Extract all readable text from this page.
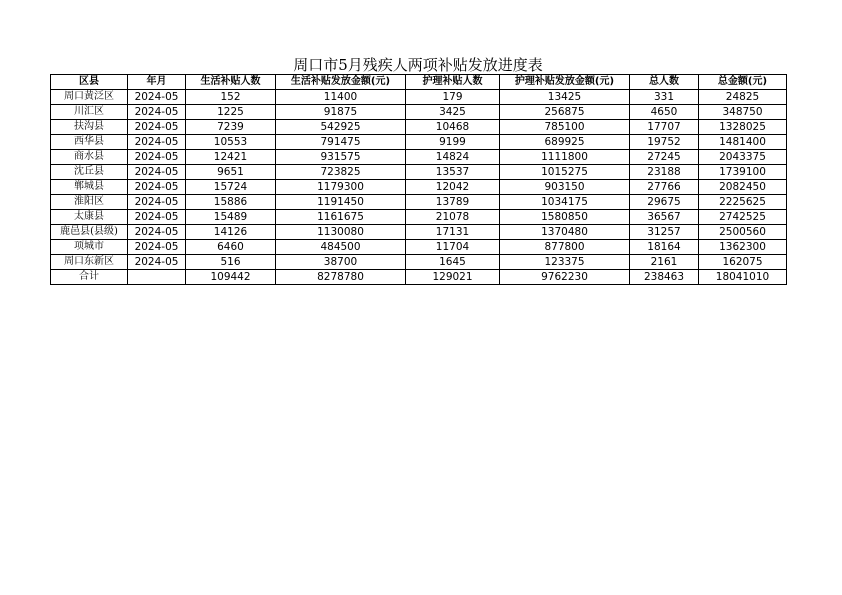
周口市5月残疾人两项补贴发放进度表
区县	年月	生活补贴人数	生活补贴发放金额(元)	护理补贴人数	护理补贴发放金额(元)	总人数	总金额(元)
周口黄泛区	2024-05	152	11400	179	13425	331	24825
川汇区	2024-05	1225	91875	3425	256875	4650	348750
扶沟县	2024-05	7239	542925	10468	785100	17707	1328025
西华县	2024-05	10553	791475	9199	689925	19752	1481400
商水县	2024-05	12421	931575	14824	1111800	27245	2043375
沈丘县	2024-05	9651	723825	13537	1015275	23188	1739100
郸城县	2024-05	15724	1179300	12042	903150	27766	2082450
淮阳区	2024-05	15886	1191450	13789	1034175	29675	2225625
太康县	2024-05	15489	1161675	21078	1580850	36567	2742525
鹿邑县(县级)	2024-05	14126	1130080	17131	1370480	31257	2500560
项城市	2024-05	6460	484500	11704	877800	18164	1362300
周口东新区	2024-05	516	38700	1645	123375	2161	162075
合计		109442	8278780	129021	9762230	238463	18041010
